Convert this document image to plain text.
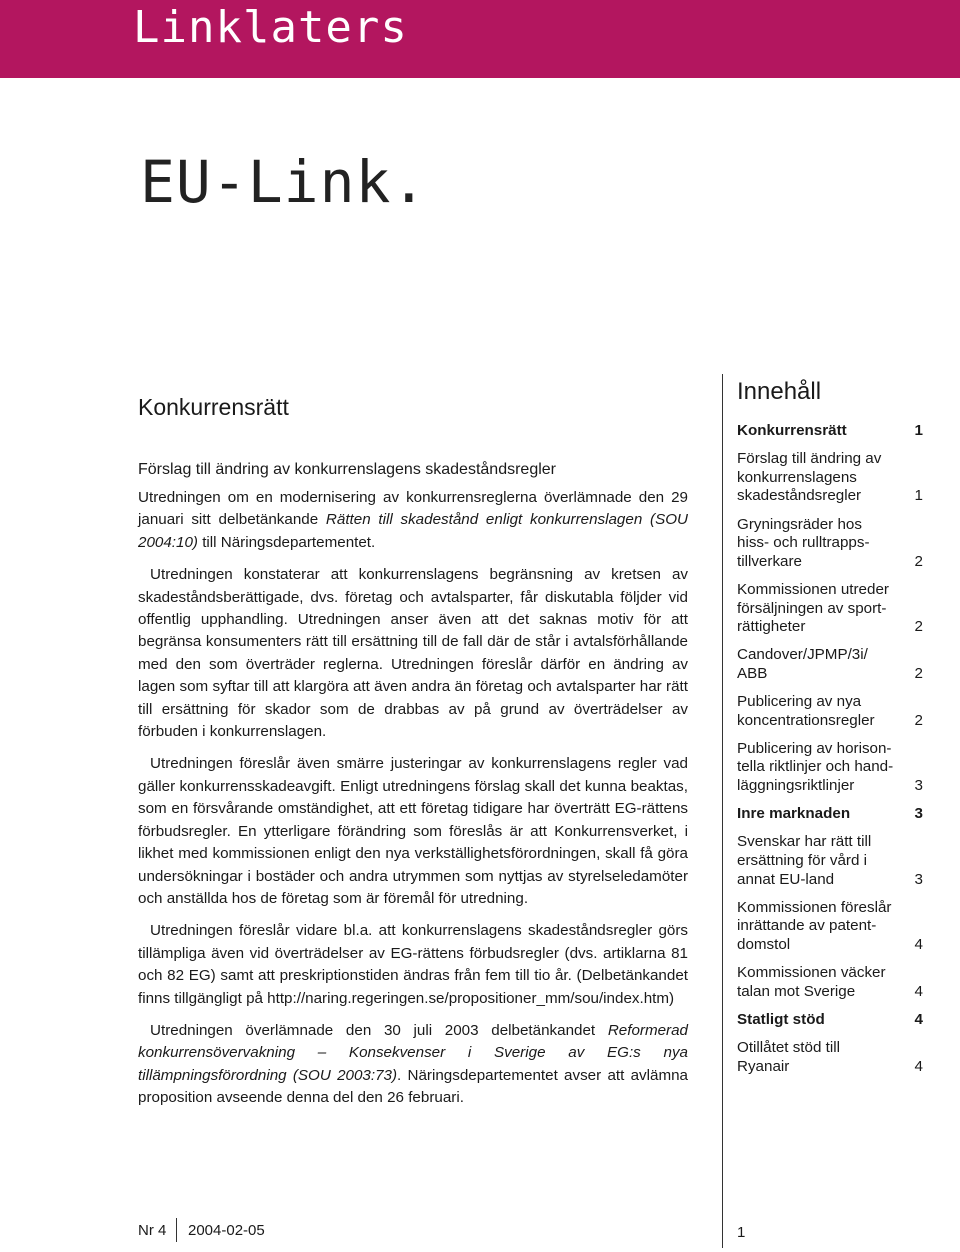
Linklaters
EU-Link.
Konkurrensrätt
Förslag till ändring av konkurrenslagens skadeståndsregler

Utredningen om en modernisering av konkurrensreglerna överlämnade den 29 januari sitt delbetänkande Rätten till skadestånd enligt konkurrenslagen (SOU 2004:10) till Näringsdepartementet.

Utredningen konstaterar att konkurrenslagens begränsning av kretsen av skadeståndsberättigade, dvs. företag och avtalsparter, får diskutabla följder vid offentlig upphandling. Utredningen anser även att det saknas motiv för att begränsa konsumenters rätt till ersättning till de fall där de står i avtalsförhållande med den som överträder reglerna. Utredningen föreslår därför en ändring av lagen som syftar till att klargöra att även andra än företag och avtalsparter har rätt till ersättning för skador som de drabbas av på grund av överträdelser av förbuden i konkurrenslagen.

Utredningen föreslår även smärre justeringar av konkurrenslagens regler vad gäller konkurrensskadeavgift. Enligt utredningens förslag skall det kunna beaktas, som en försvårande omständighet, att ett företag tidigare har överträtt EG-rättens förbudsregler. En ytterligare förändring som föreslås är att Konkurrensverket, i likhet med kommissionen enligt den nya verkställighetsförordningen, skall få göra undersökningar i bostäder och andra utrymmen som nyttjas av styrelseledamöter och anställda hos de företag som är föremål för utredning.

Utredningen föreslår vidare bl.a. att konkurrenslagens skadeståndsregler görs tillämpliga även vid överträdelser av EG-rättens förbudsregler (dvs. artiklarna 81 och 82 EG) samt att preskriptionstiden ändras från fem till tio år. (Delbetänkandet finns tillgängligt på http://naring.regeringen.se/propositioner_mm/sou/index.htm)

Utredningen överlämnade den 30 juli 2003 delbetänkandet Reformerad konkurrensövervakning – Konsekvenser i Sverige av EG:s nya tillämpningsförordning (SOU 2003:73). Näringsdepartementet avser att avlämna proposition avseende denna del den 26 februari.

Innehåll
Konkurrensrätt	1
Förslag till ändring av
konkurrenslagens
skadeståndsregler	1
Gryningsräder hos
hiss- och rulltrapps-
tillverkare	2
Kommissionen utreder
försäljningen av sport-
rättigheter	2
Candover/JPMP/3i/
ABB	2
Publicering av nya
koncentrationsregler	2
Publicering av horison-
tella riktlinjer och hand-
läggningsriktlinjer	3
Inre marknaden	3
Svenskar har rätt till
ersättning för vård i
annat EU-land	3
Kommissionen föreslår
inrättande av patent-
domstol	4
Kommissionen väcker
talan mot Sverige	4
Statligt stöd	4
Otillåtet stöd till
Ryanair	4
Nr 4 2004-02-05	1
